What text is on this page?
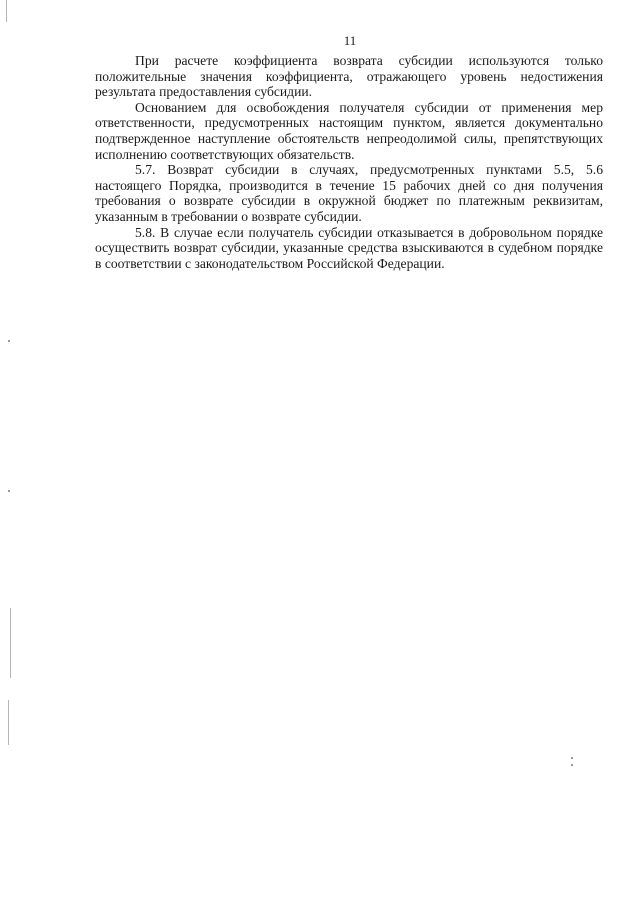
11

При расчете коэффициента возврата субсидии используются только положительные значения коэффициента, отражающего уровень недостижения результата предоставления субсидии.

Основанием для освобождения получателя субсидии от применения мер ответственности, предусмотренных настоящим пунктом, является документально подтвержденное наступление обстоятельств непреодолимой силы, препятствующих исполнению соответствующих обязательств.

5.7. Возврат субсидии в случаях, предусмотренных пунктами 5.5, 5.6 настоящего Порядка, производится в течение 15 рабочих дней со дня получения требования о возврате субсидии в окружной бюджет по платежным реквизитам, указанным в требовании о возврате субсидии.

5.8. В случае если получатель субсидии отказывается в добровольном порядке осуществить возврат субсидии, указанные средства взыскиваются в судебном порядке в соответствии с законодательством Российской Федерации.
